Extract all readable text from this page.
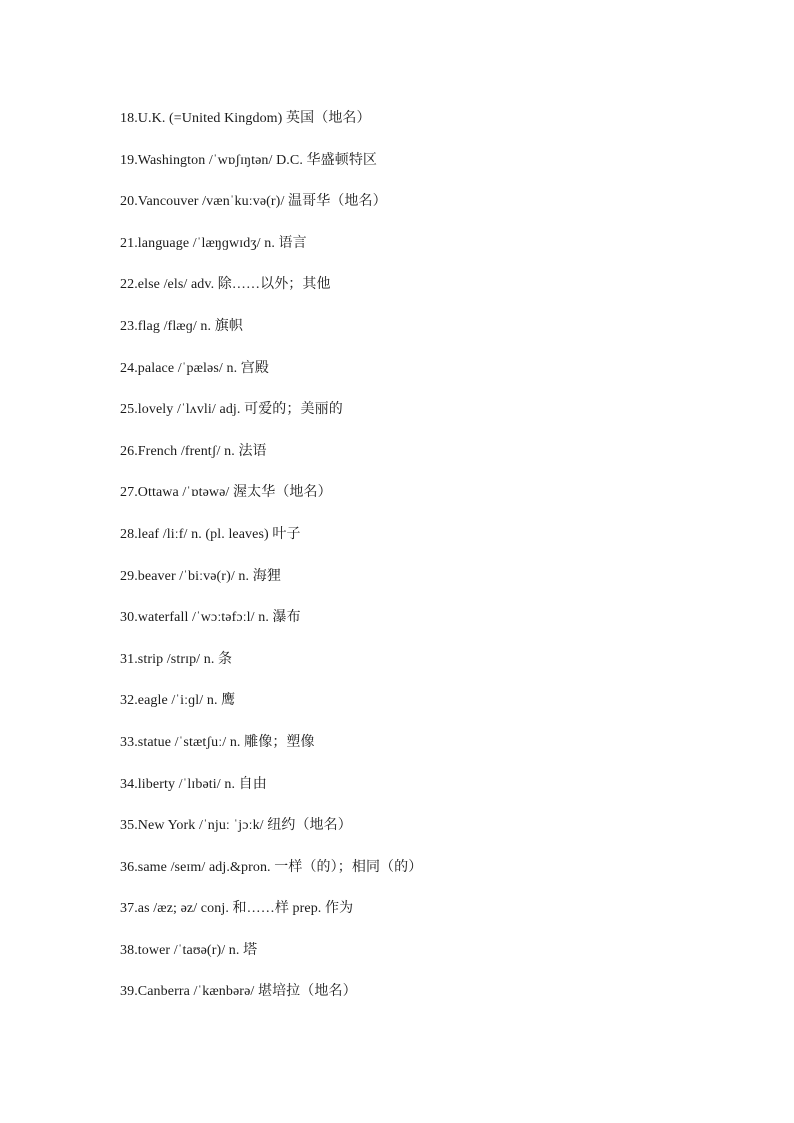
18.U.K. (=United Kingdom) 英国（地名）
19.Washington /ˈwɒʃɪŋtən/ D.C. 华盛顿特区
20.Vancouver /vænˈkuːvə(r)/ 温哥华（地名）
21.language /ˈlæŋɡwɪdʒ/ n. 语言
22.else /els/ adv. 除……以外；其他
23.flag /flæɡ/ n. 旗帜
24.palace /ˈpæləs/ n. 宫殿
25.lovely /ˈlʌvli/ adj. 可爱的；美丽的
26.French /frentʃ/ n. 法语
27.Ottawa /ˈɒtəwə/ 渥太华（地名）
28.leaf /liːf/ n. (pl. leaves) 叶子
29.beaver /ˈbiːvə(r)/ n. 海狸
30.waterfall /ˈwɔːtəfɔːl/ n. 瀑布
31.strip /strɪp/ n. 条
32.eagle /ˈiːɡl/ n. 鹰
33.statue /ˈstætʃuː/ n. 雕像；塑像
34.liberty /ˈlɪbəti/ n. 自由
35.New York /ˈnjuː ˈjɔːk/ 纽约（地名）
36.same /seɪm/ adj.&pron. 一样（的）；相同（的）
37.as /æz; əz/ conj. 和……样 prep. 作为
38.tower /ˈtaʊə(r)/ n. 塔
39.Canberra /ˈkænbərə/ 堪培拉（地名）
